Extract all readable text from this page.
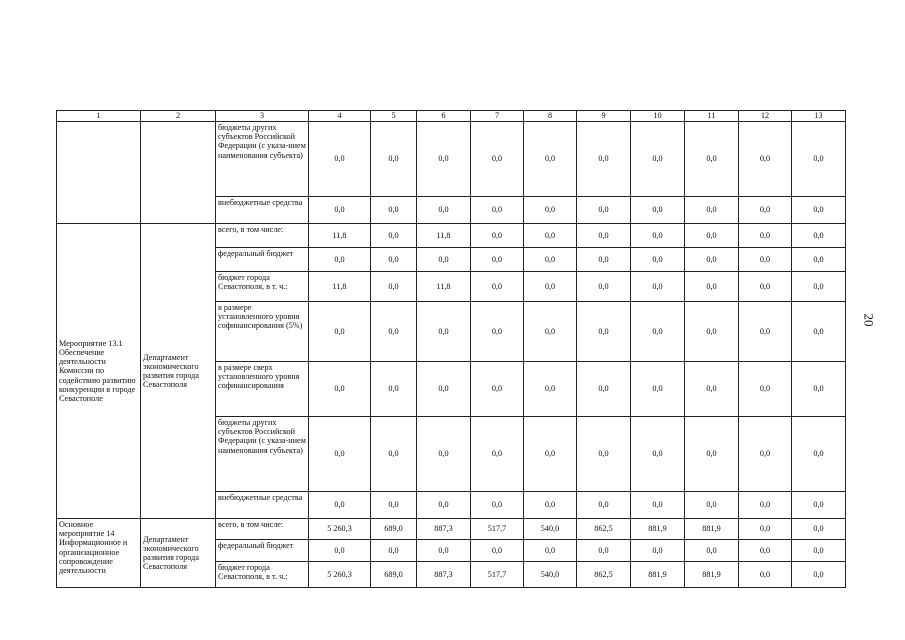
1	2	3	4	5	6	7	8	9	10	11	12	13
		бюджеты других субъектов Российской Федерации (с указа-нием наименования субъекта)	0,0	0,0	0,0	0,0	0,0	0,0	0,0	0,0	0,0	0,0
		внебюджетные средства	0,0	0,0	0,0	0,0	0,0	0,0	0,0	0,0	0,0	0,0
Мероприятие 13.1 Обеспечение деятельности Комиссии по содействию развитию конкуренции в городе Севастополе	Департамент экономического развития города Севастополя	всего, в том числе:	11,8	0,0	11,8	0,0	0,0	0,0	0,0	0,0	0,0	0,0
		федеральный бюджет	0,0	0,0	0,0	0,0	0,0	0,0	0,0	0,0	0,0	0,0
		бюджет города Севастополя, в т. ч.:	11,8	0,0	11,8	0,0	0,0	0,0	0,0	0,0	0,0	0,0
		в размере установленного уровня софинансирования (5%)	0,0	0,0	0,0	0,0	0,0	0,0	0,0	0,0	0,0	0,0
		в размере сверх установленного уровня софинансирования	0,0	0,0	0,0	0,0	0,0	0,0	0,0	0,0	0,0	0,0
		бюджеты других субъектов Российской Федерации (с указа-нием наименования субъекта)	0,0	0,0	0,0	0,0	0,0	0,0	0,0	0,0	0,0	0,0
		внебюджетные средства	0,0	0,0	0,0	0,0	0,0	0,0	0,0	0,0	0,0	0,0
Основное мероприятие 14 Информационное и организационное сопровождение деятельности	Департамент экономического развития города Севастополя	всего, в том числе:	5 260,3	689,0	887,3	517,7	540,0	862,5	881,9	881,9	0,0	0,0
		федеральный бюджет	0,0	0,0	0,0	0,0	0,0	0,0	0,0	0,0	0,0	0,0
		бюджет города Севастополя, в т. ч.:	5 260,3	689,0	887,3	517,7	540,0	862,5	881,9	881,9	0,0	0,0
20
